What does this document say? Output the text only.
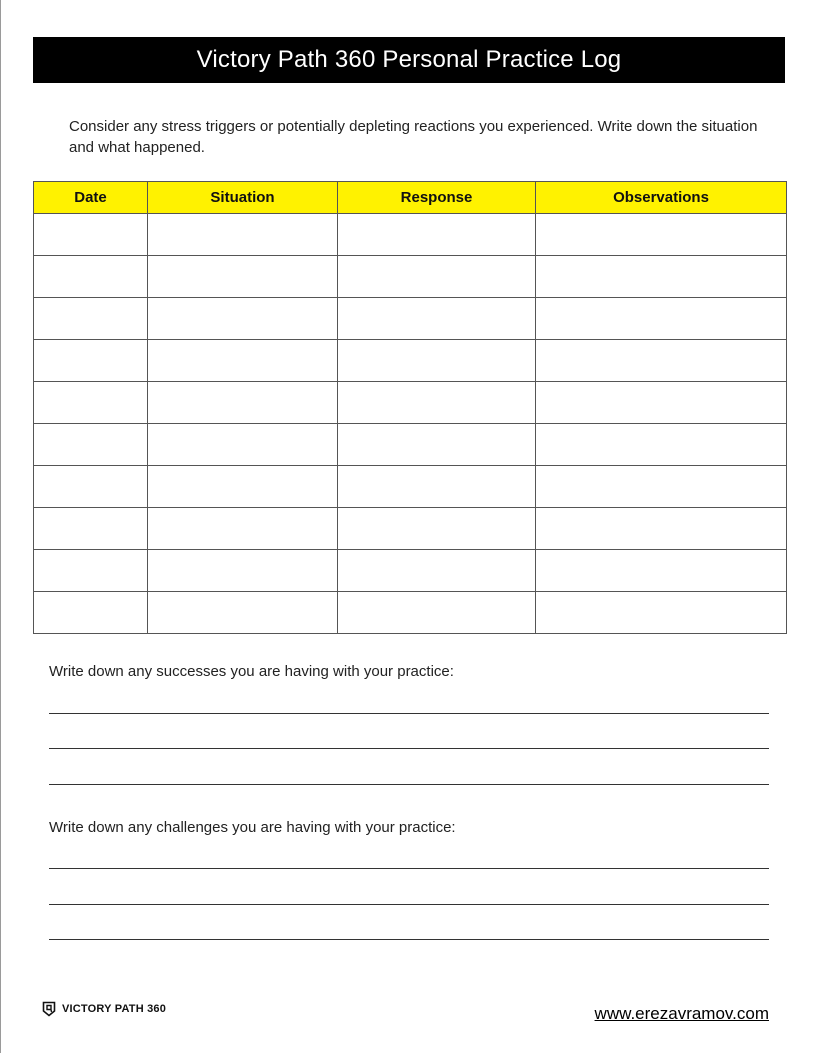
Victory Path 360 Personal Practice Log
Consider any stress triggers or potentially depleting reactions you experienced. Write down the situation and what happened.
Date	Situation	Response	Observations

Write down any successes you are having with your practice:
Write down any challenges you are having with your practice:
VICTORY PATH 360	www.erezavramov.com
